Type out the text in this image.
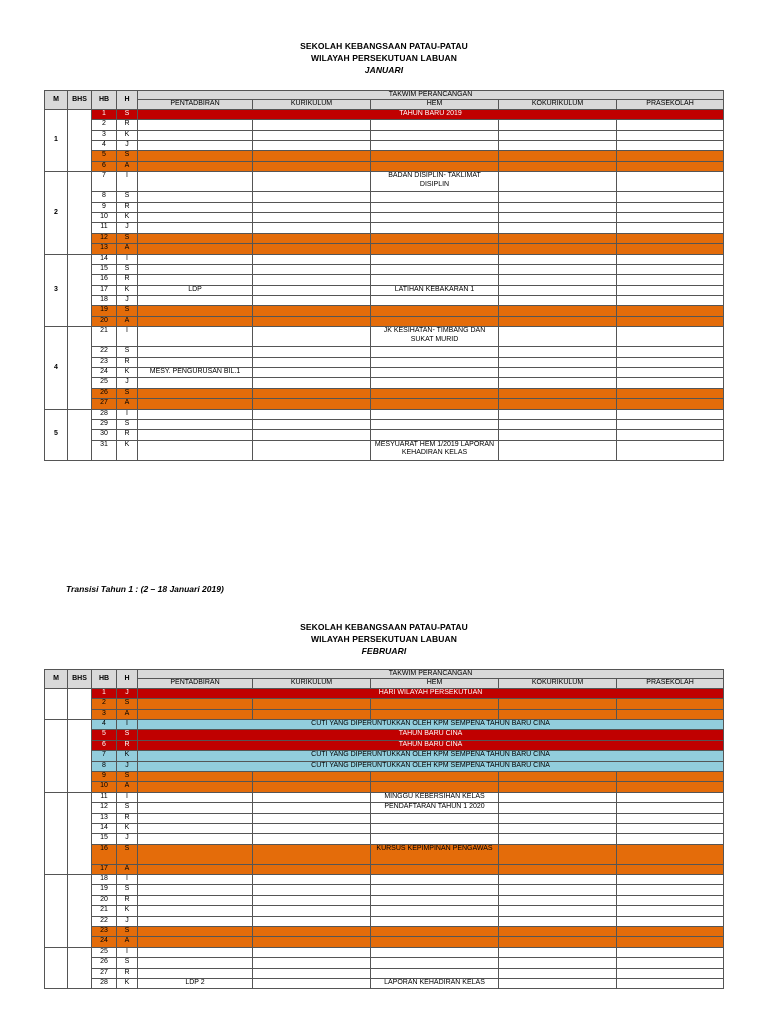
SEKOLAH KEBANGSAAN PATAU-PATAU
WILAYAH PERSEKUTUAN LABUAN
JANUARI
M	BHS	HB	H	TAKWIM PERANCANGAN				
				PENTADBIRAN	KURIKULUM	HEM	KOKURIKULUM	PRASEKOLAH
1		1	S	TAHUN BARU 2019				
		2	R					
		3	K					
		4	J					
		5	S					
		6	A					
2		7	I			BADAN DISIPLIN- TAKLIMAT DISIPLIN		
		8	S					
		9	R					
		10	K					
		11	J					
		12	S					
		13	A					
3		14	I					
		15	S					
		16	R					
		17	K	LDP		LATIHAN KEBAKARAN 1		
		18	J					
		19	S					
		20	A					
4		21	I			JK KESIHATAN- TIMBANG DAN SUKAT MURID		
		22	S					
		23	R					
		24	K	MESY. PENGURUSAN BIL.1				
		25	J					
		26	S					
		27	A					
5		28	I					
		29	S					
		30	R					
		31	K			MESYUARAT HEM 1/2019 LAPORAN KEHADIRAN KELAS		
Transisi Tahun 1 : (2 – 18 Januari 2019)
SEKOLAH KEBANGSAAN PATAU-PATAU
WILAYAH PERSEKUTUAN LABUAN
FEBRUARI
M	BHS	HB	H	TAKWIM PERANCANGAN				
				PENTADBIRAN	KURIKULUM	HEM	KOKURIKULUM	PRASEKOLAH
		1	J	HARI WILAYAH PERSEKUTUAN				
		2	S					
		3	A					
		4	I	CUTI YANG DIPERUNTUKKAN OLEH KPM SEMPENA TAHUN BARU CINA				
		5	S	TAHUN BARU CINA				
		6	R	TAHUN BARU CINA				
		7	K	CUTI YANG DIPERUNTUKKAN OLEH KPM SEMPENA TAHUN BARU CINA				
		8	J	CUTI YANG DIPERUNTUKKAN OLEH KPM SEMPENA TAHUN BARU CINA				
		9	S					
		10	A					
		11	I			MINGGU KEBERSIHAN KELAS		
		12	S			PENDAFTARAN TAHUN 1 2020		
		13	R					
		14	K					
		15	J					
		16	S			KURSUS KEPIMPINAN PENGAWAS		
		17	A					
		18	I					
		19	S					
		20	R					
		21	K					
		22	J					
		23	S					
		24	A					
		25	I					
		26	S					
		27	R					
		28	K	LDP 2		LAPORAN KEHADIRAN KELAS		
